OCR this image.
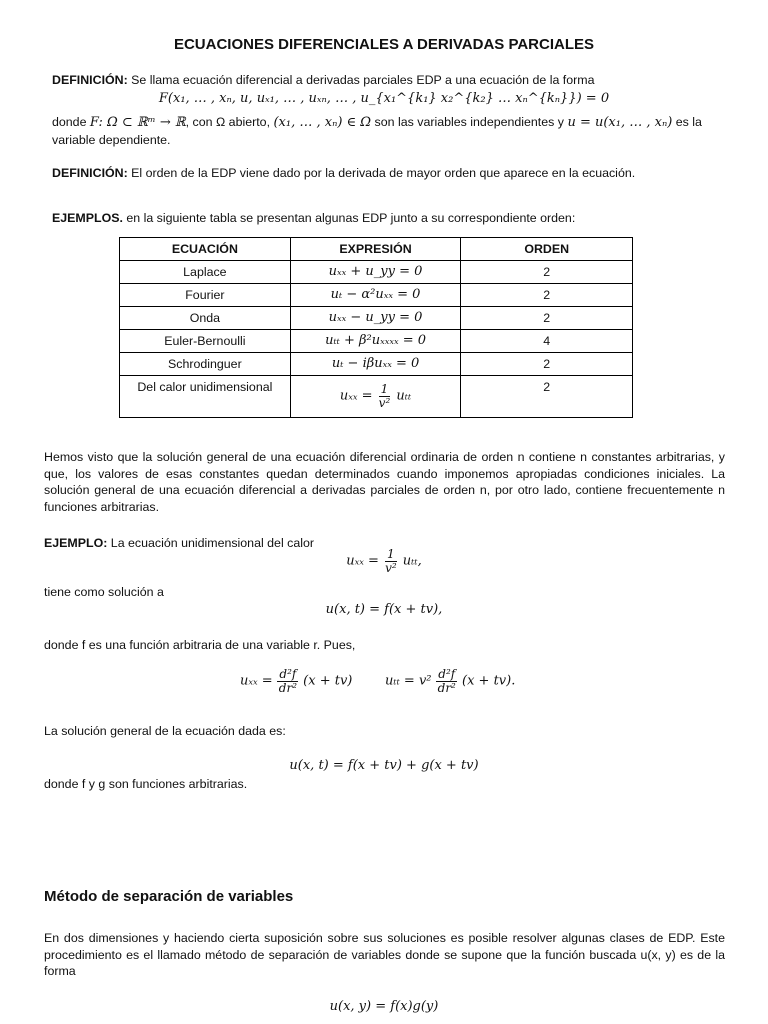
ECUACIONES DIFERENCIALES A DERIVADAS PARCIALES
DEFINICIÓN: Se llama ecuación diferencial a derivadas parciales EDP a una ecuación de la forma
F(x₁, … , xₙ, u, uₓ₁, … , uₓₙ, … , u_{x₁^{k₁} x₂^{k₂} … xₙ^{kₙ}}) = 0
donde F: Ω ⊂ ℝᵐ → ℝ, con Ω abierto, (x₁, … , xₙ) ∈ Ω son las variables independientes y u = u(x₁, … , xₙ) es la
variable dependiente.
DEFINICIÓN: El orden de la EDP viene dado por la derivada de mayor orden que aparece en la ecuación.
EJEMPLOS. en la siguiente tabla se presentan algunas EDP junto a su correspondiente orden:
ECUACIÓN	EXPRESIÓN	ORDEN
Laplace	uₓₓ + u_yy = 0	2
Fourier	uₜ − α²uₓₓ = 0	2
Onda	uₓₓ − u_yy = 0	2
Euler-Bernoulli	uₜₜ + β²uₓₓₓₓ = 0	4
Schrodinguer	uₜ − iβuₓₓ = 0	2
Del calor unidimensional	$u_{xx} = \frac{1}{\text{v²}}$ uₜₜ	2
Hemos visto que la solución general de una ecuación diferencial ordinaria de orden n contiene n constantes arbitrarias, y que, los valores de esas constantes quedan determinados cuando imponemos apropiadas condiciones iniciales. La solución general de una ecuación diferencial a derivadas parciales de orden n, por otro lado, contiene frecuentemente n funciones arbitrarias.
EJEMPLO: La ecuación unidimensional del calor
$u_{xx} = \frac{1}{\text{v²}} u_{tt}$,
tiene como solución a
u(x, t) = f(x + tv),
donde f es una función arbitraria de una variable r. Pues,
$u_{xx} = \frac{\text{d²f}}{\text{dr²}} (x + tv)$	$u_{tt} = v^2 \frac{\text{d²f}}{\text{dr²}} (x + tv)$.
La solución general de la ecuación dada es:
u(x, t) = f(x + tv) + g(x + tv)
donde f y g son funciones arbitrarias.
Método de separación de variables
En dos dimensiones y haciendo cierta suposición sobre sus soluciones es posible resolver algunas clases de EDP. Este procedimiento es el llamado método de separación de variables donde se supone que la función buscada u(x, y) es de la forma
u(x, y) = f(x)g(y)
